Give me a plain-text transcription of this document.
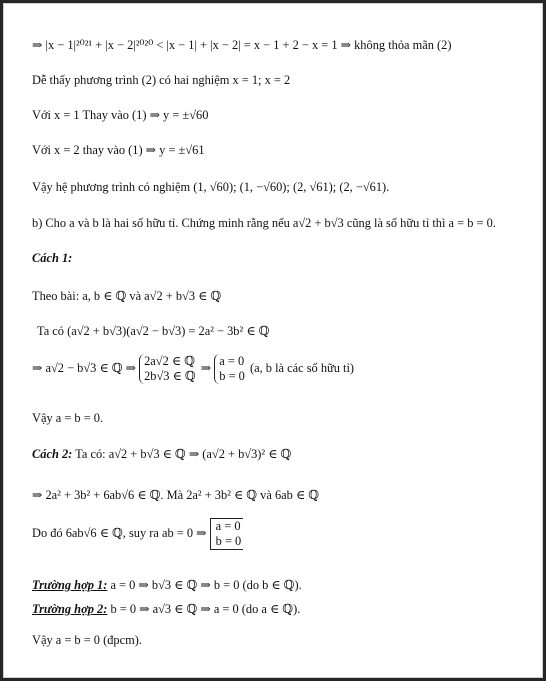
⇒ |x − 1|²⁰²¹ + |x − 2|²⁰²⁰ < |x − 1| + |x − 2| = x − 1 + 2 − x = 1 ⇒ không thỏa mãn (2)
Dễ thấy phương trình (2) có hai nghiệm x = 1; x = 2
Với x = 1 Thay vào (1) ⇒ y = ±√60
Với x = 2 thay vào (1) ⇒ y = ±√61
Vậy hệ phương trình có nghiệm (1, √60); (1, −√60); (2, √61); (2, −√61).
b) Cho a và b là hai số hữu tỉ. Chứng minh rằng nếu a√2 + b√3 cũng là số hữu tỉ thì a = b = 0.
Cách 1:
Theo bài: a, b ∈ ℚ và a√2 + b√3 ∈ ℚ
Ta có (a√2 + b√3)(a√2 − b√3) = 2a² − 3b² ∈ ℚ
⇒ a√2 − b√3 ∈ ℚ ⇒ 2a√2 ∈ ℚ
2b√3 ∈ ℚ
⇒ a = 0
b = 0
(a, b là các số hữu tỉ)
Vậy a = b = 0.
Cách 2: Ta có: a√2 + b√3 ∈ ℚ ⇒ (a√2 + b√3)² ∈ ℚ
⇒ 2a² + 3b² + 6ab√6 ∈ ℚ. Mà 2a² + 3b² ∈ ℚ và 6ab ∈ ℚ
Do đó 6ab√6 ∈ ℚ, suy ra ab = 0 ⇒ a = 0
b = 0
Trường hợp 1: a = 0 ⇒ b√3 ∈ ℚ ⇒ b = 0 (do b ∈ ℚ).
Trường hợp 2: b = 0 ⇒ a√3 ∈ ℚ ⇒ a = 0 (do a ∈ ℚ).
Vậy a = b = 0 (đpcm).
